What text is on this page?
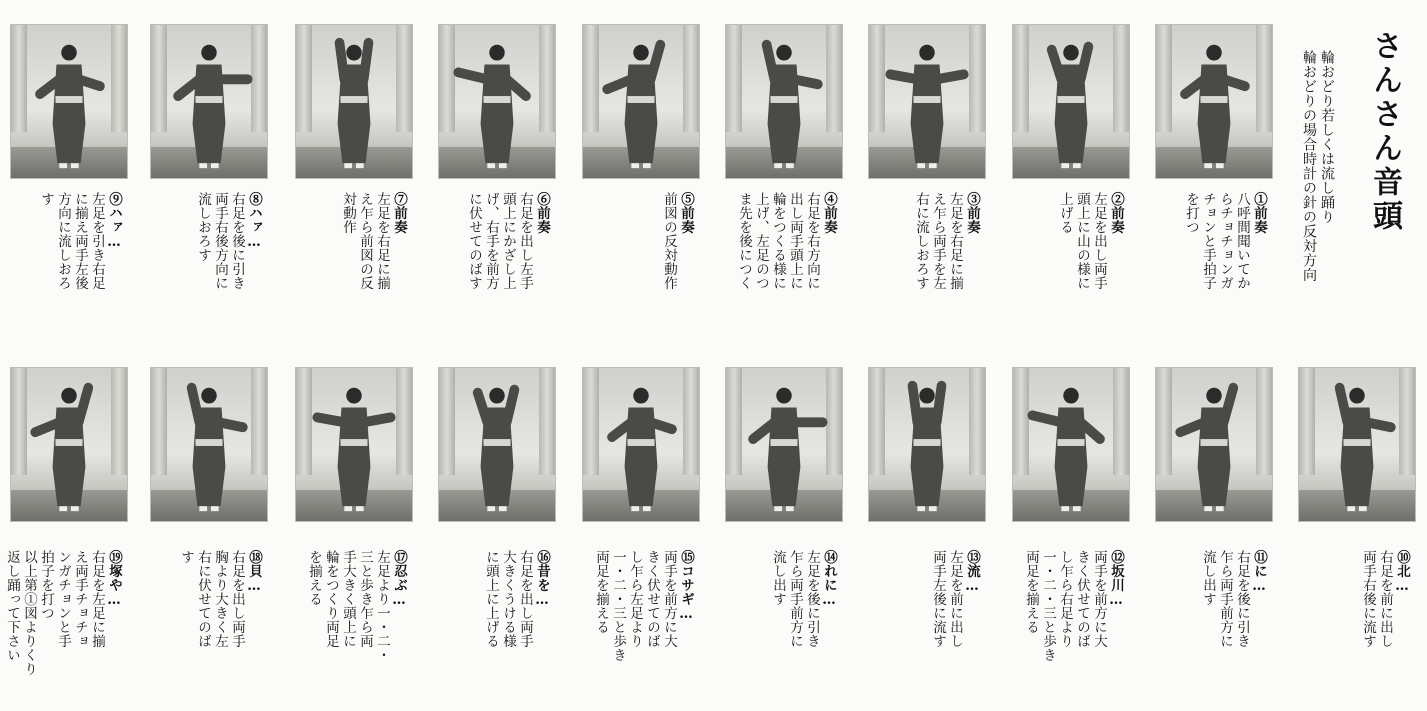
さんさん音頭
輪おどり若しくは流し踊り
輪おどりの場合時計の針の反対方向
①前奏
八呼間聞いてか
らチョチョンガ
チョンと手拍子
を打つ
②前奏
左足を出し両手
頭上に山の様に
上げる
③前奏
左足を右足に揃
え乍ら両手を左
右に流しおろす
④前奏
右足を右方向に
出し両手頭上に
輪をつくる様に
上げ、左足のつ
ま先を後につく
⑤前奏
前図の反対動作
⑥前奏
右足を出し左手
頭上にかざし上
げ、右手を前方
に伏せてのばす
⑦前奏
左足を右足に揃
え乍ら前図の反
対動作
⑧ハァ…
右足を後に引き
両手右後方向に
流しおろす
⑨ハァ…
左足を引き右足
に揃え両手左後
方向に流しおろ
す
⑩北…
右足を前に出し
両手右後に流す
⑪に…
右足を後に引き
乍ら両手前方に
流し出す
⑫坂川…
両手を前方に大
きく伏せてのば
し乍ら右足より
一・二・三と歩き
両足を揃える
⑬流…
左足を前に出し
両手左後に流す
⑭れに…
左足を後に引き
乍ら両手前方に
流し出す
⑮コサギ…
両手を前方に大
きく伏せてのば
し乍ら左足より
一・二・三と歩き
両足を揃える
⑯昔を…
右足を出し両手
大きくうける様
に頭上に上げる
⑰忍ぶ…
左足より一・二・
三と歩き乍ら両
手大きく頭上に
輪をつくり両足
を揃える
⑱貝…
右足を出し両手
胸より大きく左
右に伏せてのば
す
⑲塚や…
右足を左足に揃
え両手チョチョ
ンガチョンと手
拍子を打つ
以上第①図よりくり
返し踊って下さい
